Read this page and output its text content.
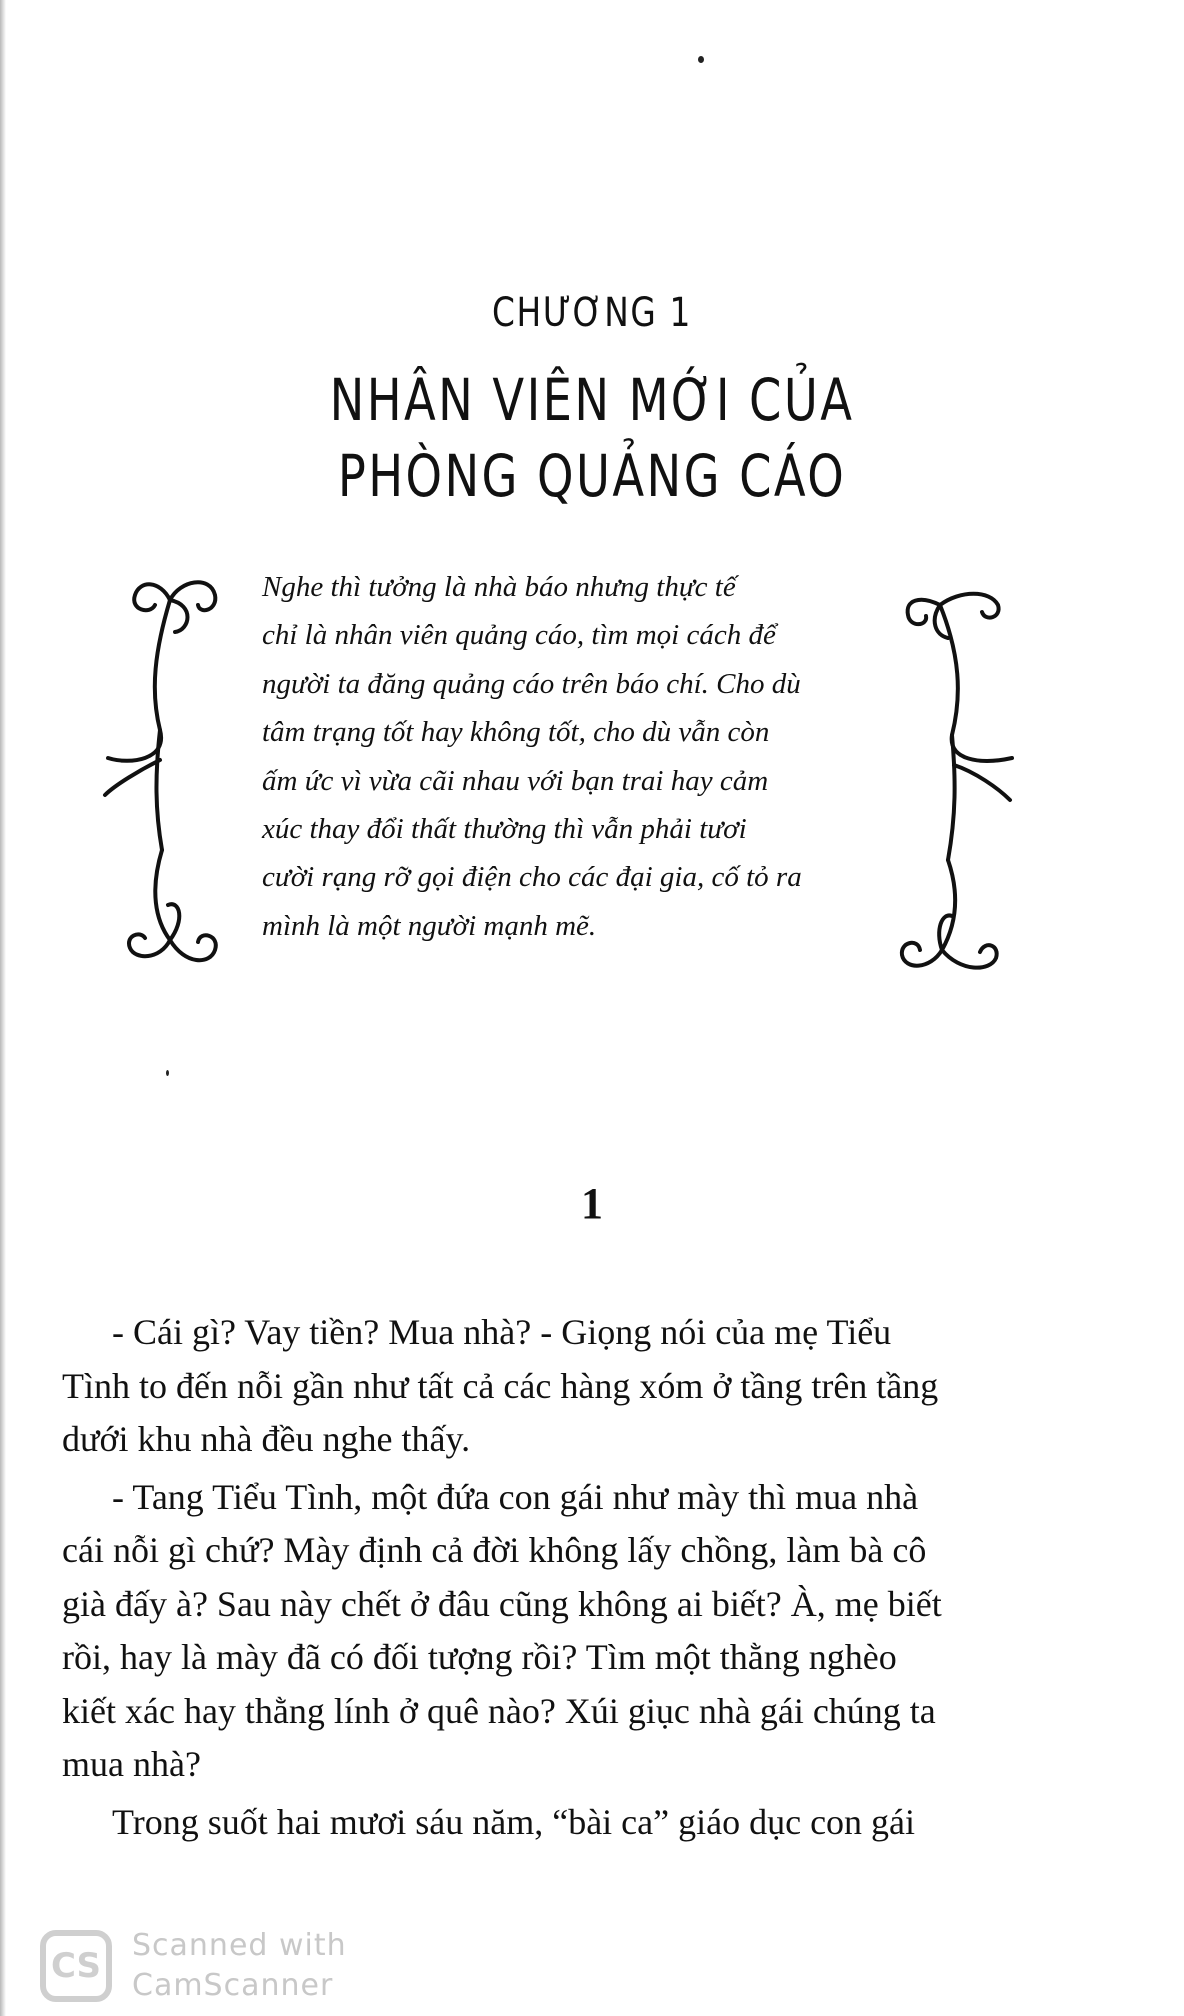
CHƯƠNG 1
NHÂN VIÊN MỚI CỦA
PHÒNG QUẢNG CÁO
Nghe thì tưởng là nhà báo nhưng thực tế
chỉ là nhân viên quảng cáo, tìm mọi cách để
người ta đăng quảng cáo trên báo chí. Cho dù
tâm trạng tốt hay không tốt, cho dù vẫn còn
ấm ức vì vừa cãi nhau với bạn trai hay cảm
xúc thay đổi thất thường thì vẫn phải tươi
cười rạng rỡ gọi điện cho các đại gia, cố tỏ ra
mình là một người mạnh mẽ.
1
- Cái gì? Vay tiền? Mua nhà? - Giọng nói của mẹ Tiểu
Tình to đến nỗi gần như tất cả các hàng xóm ở tầng trên tầng
dưới khu nhà đều nghe thấy.
- Tang Tiểu Tình, một đứa con gái như mày thì mua nhà
cái nỗi gì chứ? Mày định cả đời không lấy chồng, làm bà cô
già đấy à? Sau này chết ở đâu cũng không ai biết? À, mẹ biết
rồi, hay là mày đã có đối tượng rồi? Tìm một thằng nghèo
kiết xác hay thằng lính ở quê nào? Xúi giục nhà gái chúng ta
mua nhà?
Trong suốt hai mươi sáu năm, “bài ca” giáo dục con gái
CS
Scanned with
CamScanner
